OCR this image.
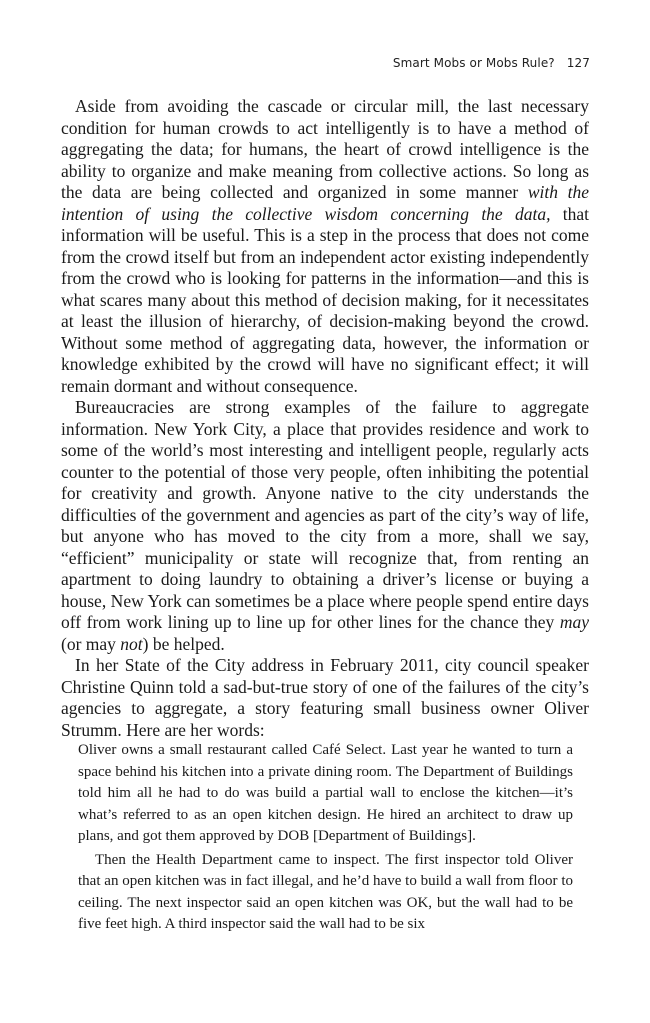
Smart Mobs or Mobs Rule? 127

Aside from avoiding the cascade or circular mill, the last necessary condition for human crowds to act intelligently is to have a method of aggregating the data; for humans, the heart of crowd intelligence is the ability to organize and make meaning from collective actions. So long as the data are being collected and organized in some manner with the intention of using the collective wisdom concerning the data, that information will be useful. This is a step in the process that does not come from the crowd itself but from an independent actor existing independently from the crowd who is looking for patterns in the information—and this is what scares many about this method of decision making, for it necessitates at least the illusion of hierarchy, of decision-making beyond the crowd. Without some method of aggregating data, however, the information or knowledge exhibited by the crowd will have no significant effect; it will remain dormant and without consequence.

Bureaucracies are strong examples of the failure to aggregate information. New York City, a place that provides residence and work to some of the world’s most interesting and intelligent people, regularly acts counter to the potential of those very people, often inhibiting the potential for creativity and growth. Anyone native to the city understands the difficulties of the government and agencies as part of the city’s way of life, but anyone who has moved to the city from a more, shall we say, “efficient” municipality or state will recognize that, from renting an apartment to doing laundry to obtaining a driver’s license or buying a house, New York can sometimes be a place where people spend entire days off from work lining up to line up for other lines for the chance they may (or may not) be helped.

In her State of the City address in February 2011, city council speaker Christine Quinn told a sad-but-true story of one of the failures of the city’s agencies to aggregate, a story featuring small business owner Oliver Strumm. Here are her words:

Oliver owns a small restaurant called Café Select. Last year he wanted to turn a space behind his kitchen into a private dining room. The Department of Buildings told him all he had to do was build a partial wall to enclose the kitchen—it’s what’s referred to as an open kitchen design. He hired an architect to draw up plans, and got them approved by DOB [Department of Buildings].

Then the Health Department came to inspect. The first inspector told Oliver that an open kitchen was in fact illegal, and he’d have to build a wall from floor to ceiling. The next inspector said an open kitchen was OK, but the wall had to be five feet high. A third inspector said the wall had to be six
